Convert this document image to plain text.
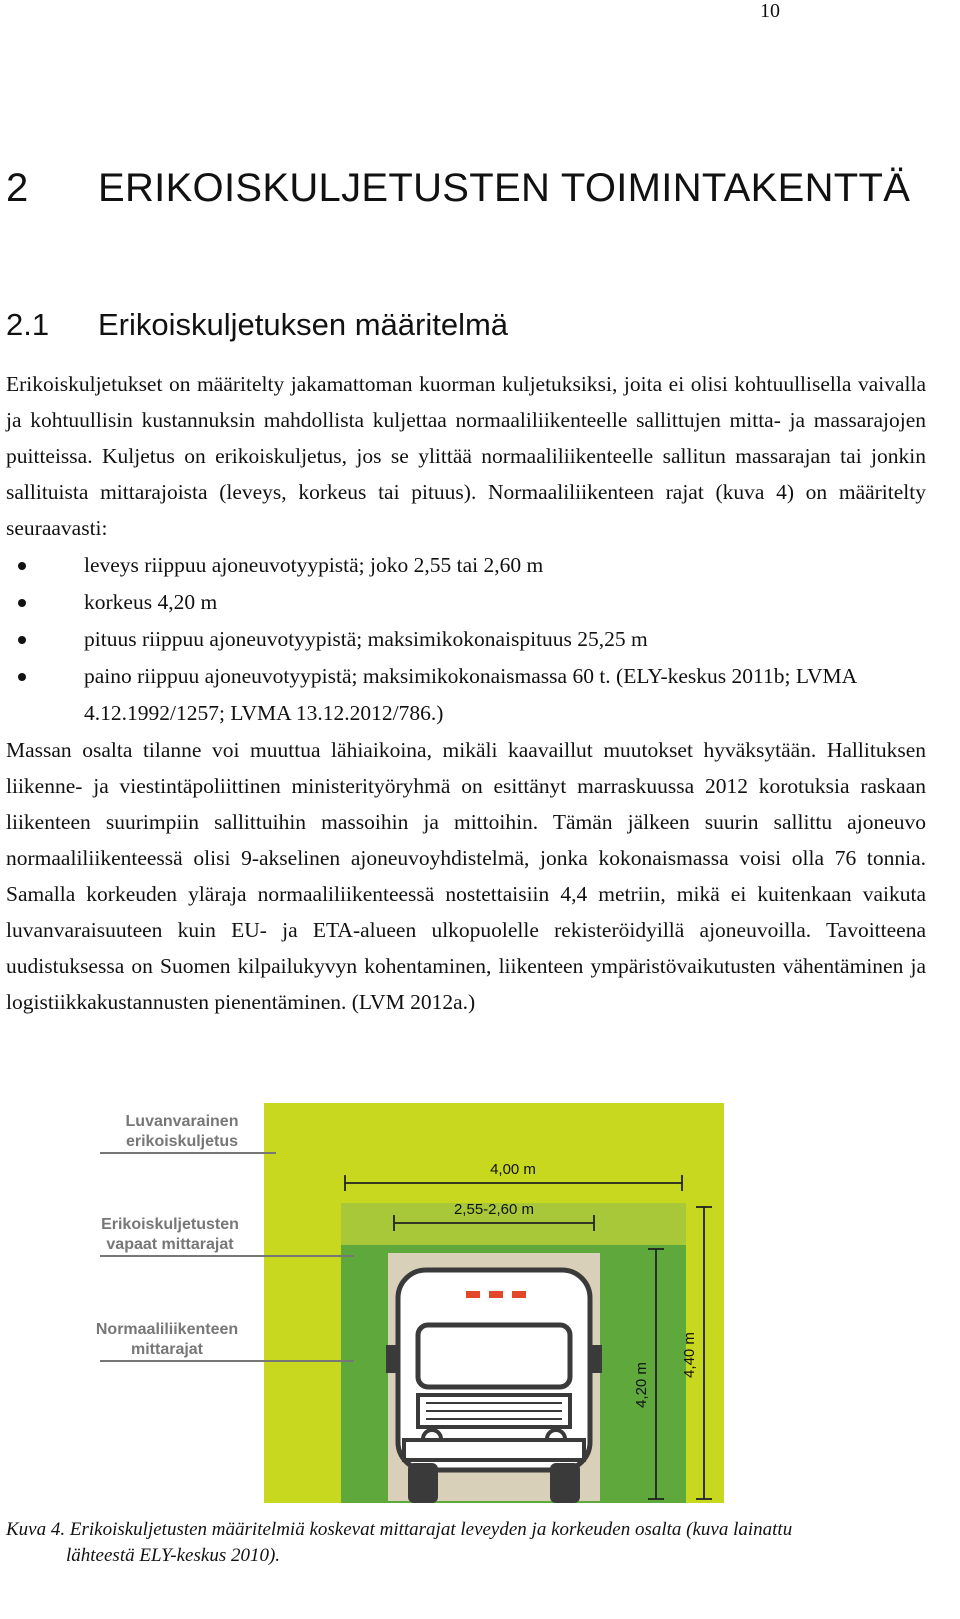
10
2 ERIKOISKULJETUSTEN TOIMINTAKENTTÄ
2.1 Erikoiskuljetuksen määritelmä

Erikoiskuljetukset on määritelty jakamattoman kuorman kuljetuksiksi, joita ei olisi kohtuullisella vaivalla ja kohtuullisin kustannuksin mahdollista kuljettaa normaaliliikenteelle sallittujen mitta- ja massarajojen puitteissa. Kuljetus on erikoiskuljetus, jos se ylittää normaaliliikenteelle sallitun massarajan tai jonkin sallituista mittarajoista (leveys, korkeus tai pituus). Normaaliliikenteen rajat (kuva 4) on määritelty seuraavasti:

leveys riippuu ajoneuvotyypistä; joko 2,55 tai 2,60 m
korkeus 4,20 m
pituus riippuu ajoneuvotyypistä; maksimikokonaispituus 25,25 m
paino riippuu ajoneuvotyypistä; maksimikokonaismassa 60 t. (ELY-keskus 2011b; LVMA 4.12.1992/1257; LVMA 13.12.2012/786.)

Massan osalta tilanne voi muuttua lähiaikoina, mikäli kaavaillut muutokset hyväksytään. Hallituksen liikenne- ja viestintäpoliittinen ministerityöryhmä on esittänyt marraskuussa 2012 korotuksia raskaan liikenteen suurimpiin sallittuihin massoihin ja mittoihin. Tämän jälkeen suurin sallittu ajoneuvo normaaliliikenteessä olisi 9-akselinen ajoneuvoyhdistelmä, jonka kokonaismassa voisi olla 76 tonnia. Samalla korkeuden yläraja normaaliliikenteessä nostettaisiin 4,4 metriin, mikä ei kuitenkaan vaikuta luvanvaraisuuteen kuin EU- ja ETA-alueen ulkopuolelle rekisteröidyillä ajoneuvoilla. Tavoitteena uudistuksessa on Suomen kilpailukyvyn kohentaminen, liikenteen ympäristövaikutusten vähentäminen ja logistiikkakustannusten pienentäminen. (LVM 2012a.)

4,00 m
2,55-2,60 m
4,20 m
4,40 m
Luvanvarainen
erikoiskuljetus
Erikoiskuljetusten
vapaat mittarajat
Normaaliliikenteen
mittarajat

Kuva 4. Erikoiskuljetusten määritelmiä koskevat mittarajat leveyden ja korkeuden osalta (kuva lainattu
lähteestä ELY-keskus 2010).
